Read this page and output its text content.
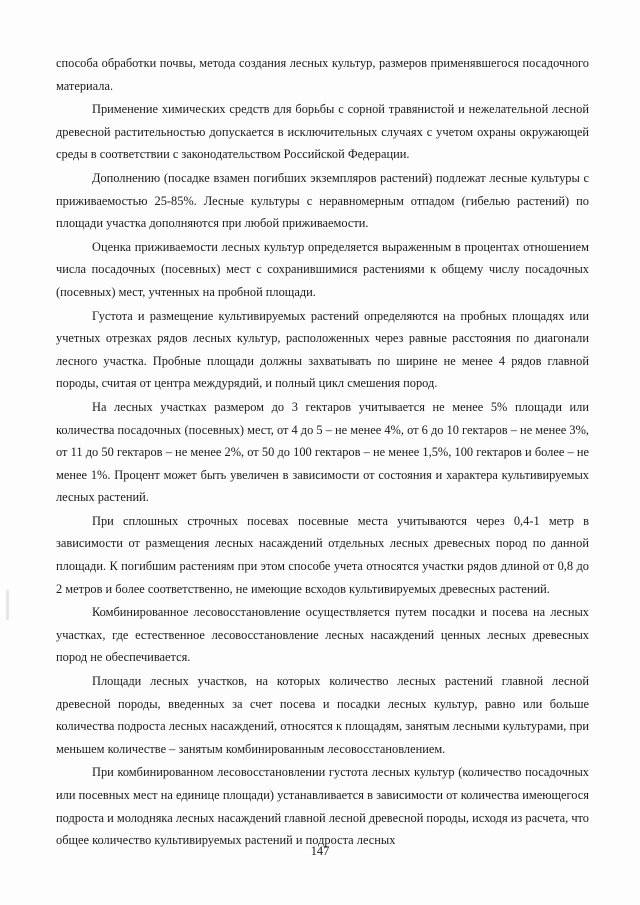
способа обработки почвы, метода создания лесных культур, размеров применявшегося посадочного материала.

Применение химических средств для борьбы с сорной травянистой и нежелательной лесной древесной растительностью допускается в исключительных случаях с учетом охраны окружающей среды в соответствии с законодательством Российской Федерации.

Дополнению (посадке взамен погибших экземпляров растений) подлежат лесные культуры с приживаемостью 25-85%. Лесные культуры с неравномерным отпадом (гибелью растений) по площади участка дополняются при любой приживаемости.

Оценка приживаемости лесных культур определяется выраженным в процентах отношением числа посадочных (посевных) мест с сохранившимися растениями к общему числу посадочных (посевных) мест, учтенных на пробной площади.

Густота и размещение культивируемых растений определяются на пробных площадях или учетных отрезках рядов лесных культур, расположенных через равные расстояния по диагонали лесного участка. Пробные площади должны захватывать по ширине не менее 4 рядов главной породы, считая от центра междурядий, и полный цикл смешения пород.

На лесных участках размером до 3 гектаров учитывается не менее 5% площади или количества посадочных (посевных) мест, от 4 до 5 – не менее 4%, от 6 до 10 гектаров – не менее 3%, от 11 до 50 гектаров – не менее 2%, от 50 до 100 гектаров – не менее 1,5%, 100 гектаров и более – не менее 1%. Процент может быть увеличен в зависимости от состояния и характера культивируемых лесных растений.

При сплошных строчных посевах посевные места учитываются через 0,4-1 метр в зависимости от размещения лесных насаждений отдельных лесных древесных пород по данной площади. К погибшим растениям при этом способе учета относятся участки рядов длиной от 0,8 до 2 метров и более соответственно, не имеющие всходов культивируемых древесных растений.

Комбинированное лесовосстановление осуществляется путем посадки и посева на лесных участках, где естественное лесовосстановление лесных насаждений ценных лесных древесных пород не обеспечивается.

Площади лесных участков, на которых количество лесных растений главной лесной древесной породы, введенных за счет посева и посадки лесных культур, равно или больше количества подроста лесных насаждений, относятся к площадям, занятым лесными культурами, при меньшем количестве – занятым комбинированным лесовосстановлением.

При комбинированном лесовосстановлении густота лесных культур (количество посадочных или посевных мест на единице площади) устанавливается в зависимости от количества имеющегося подроста и молодняка лесных насаждений главной лесной древесной породы, исходя из расчета, что общее количество культивируемых растений и подроста лесных

147
